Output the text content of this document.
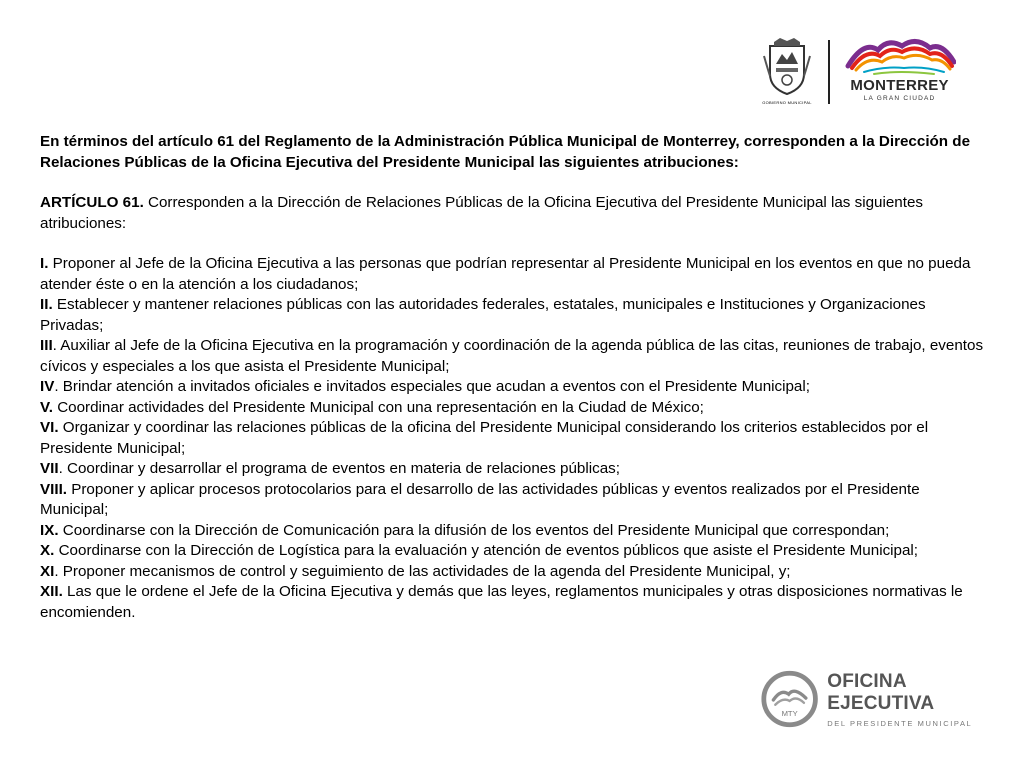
GOBIERNO MUNICIPAL
MONTERREY
LA GRAN CIUDAD

En términos del artículo 61 del Reglamento de la Administración Pública Municipal de Monterrey, corresponden a la Dirección de Relaciones Públicas de la Oficina Ejecutiva del Presidente Municipal las siguientes atribuciones:

ARTÍCULO 61. Corresponden a la Dirección de Relaciones Públicas de la Oficina Ejecutiva del Presidente Municipal las siguientes atribuciones:

I. Proponer al Jefe de la Oficina Ejecutiva a las personas que podrían representar al Presidente Municipal en los eventos en que no pueda atender éste o en la atención a los ciudadanos;

II. Establecer y mantener relaciones públicas con las autoridades federales, estatales, municipales e Instituciones y Organizaciones Privadas;

III. Auxiliar al Jefe de la Oficina Ejecutiva en la programación y coordinación de la agenda pública de las citas, reuniones de trabajo, eventos cívicos y especiales a los que asista el Presidente Municipal;

IV. Brindar atención a invitados oficiales e invitados especiales que acudan a eventos con el Presidente Municipal;

V. Coordinar actividades del Presidente Municipal con una representación en la Ciudad de México;

VI. Organizar y coordinar las relaciones públicas de la oficina del Presidente Municipal considerando los criterios establecidos por el Presidente Municipal;

VII. Coordinar y desarrollar el programa de eventos en materia de relaciones públicas;

VIII. Proponer y aplicar procesos protocolarios para el desarrollo de las actividades públicas y eventos realizados por el Presidente Municipal;

IX. Coordinarse con la Dirección de Comunicación para la difusión de los eventos del Presidente Municipal que correspondan;

X. Coordinarse con la Dirección de Logística para la evaluación y atención de eventos públicos que asiste el Presidente Municipal;

XI. Proponer mecanismos de control y seguimiento de las actividades de la agenda del Presidente Municipal, y;

XII. Las que le ordene el Jefe de la Oficina Ejecutiva y demás que las leyes, reglamentos municipales y otras disposiciones normativas le encomienden.

MTY
OFICINA EJECUTIVA
DEL PRESIDENTE MUNICIPAL
